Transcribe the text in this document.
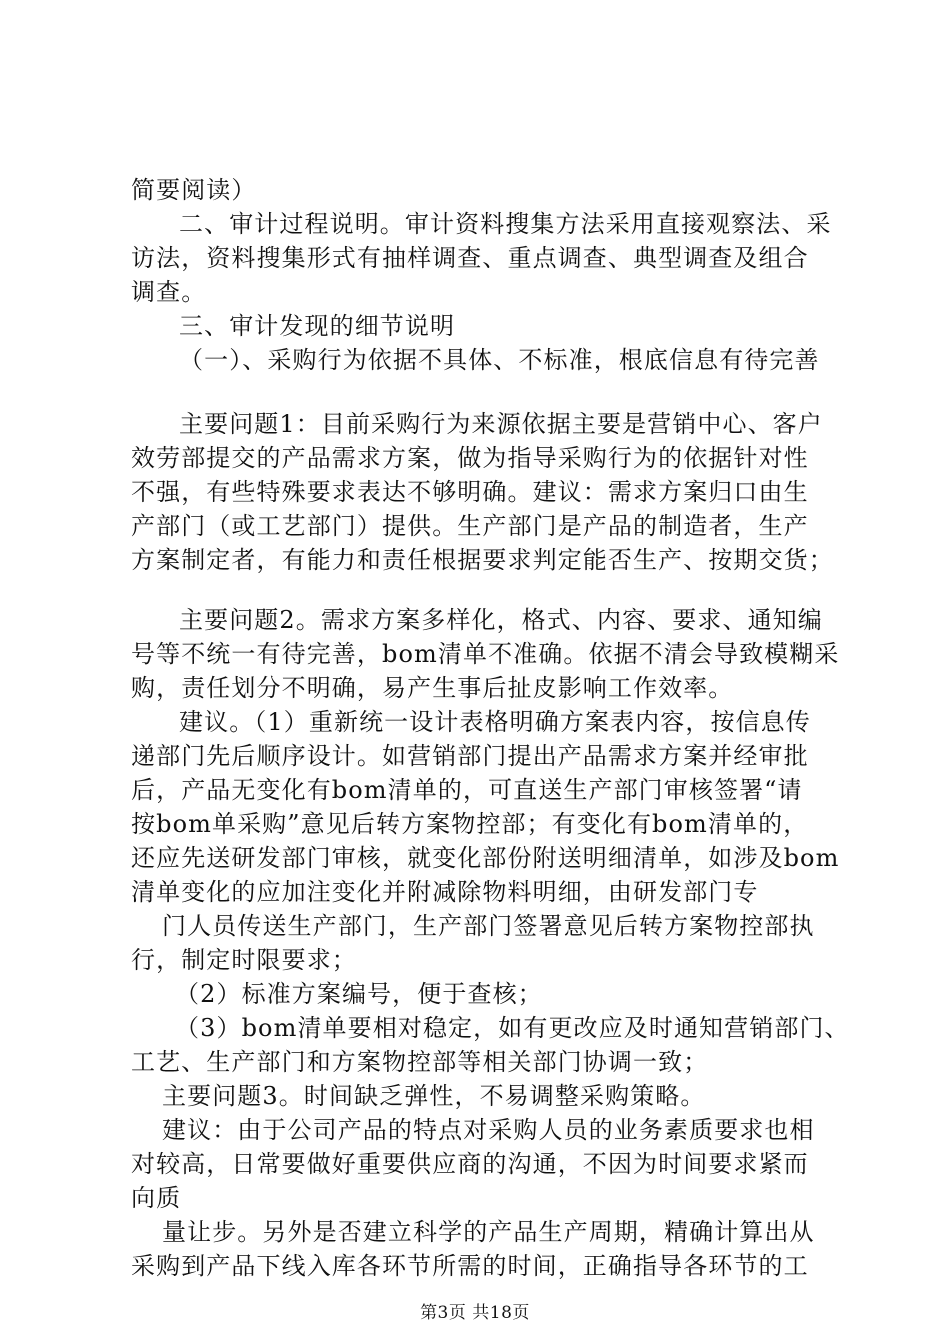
简要阅读）
二、审计过程说明。审计资料搜集方法采用直接观察法、采
访法，资料搜集形式有抽样调查、重点调查、典型调查及组合
调查。
三、审计发现的细节说明
（一）、采购行为依据不具体、不标准，根底信息有待完善
主要问题1：目前采购行为来源依据主要是营销中心、客户
效劳部提交的产品需求方案，做为指导采购行为的依据针对性
不强，有些特殊要求表达不够明确。建议：需求方案归口由生
产部门（或工艺部门）提供。生产部门是产品的制造者，生产
方案制定者，有能力和责任根据要求判定能否生产、按期交货；
主要问题2。需求方案多样化，格式、内容、要求、通知编
号等不统一有待完善，bom清单不准确。依据不清会导致模糊采
购，责任划分不明确，易产生事后扯皮影响工作效率。
建议。（1）重新统一设计表格明确方案表内容，按信息传
递部门先后顺序设计。如营销部门提出产品需求方案并经审批
后，产品无变化有bom清单的，可直送生产部门审核签署“请
按bom单采购”意见后转方案物控部；有变化有bom清单的，
还应先送研发部门审核，就变化部份附送明细清单，如涉及bom
清单变化的应加注变化并附减除物料明细，由研发部门专
门人员传送生产部门，生产部门签署意见后转方案物控部执
行，制定时限要求；
（2）标准方案编号，便于查核；
（3）bom清单要相对稳定，如有更改应及时通知营销部门、
工艺、生产部门和方案物控部等相关部门协调一致；
主要问题3。时间缺乏弹性，不易调整采购策略。
建议：由于公司产品的特点对采购人员的业务素质要求也相
对较高，日常要做好重要供应商的沟通，不因为时间要求紧而
向质
量让步。另外是否建立科学的产品生产周期，精确计算出从
采购到产品下线入库各环节所需的时间，正确指导各环节的工
第3页 共18页
